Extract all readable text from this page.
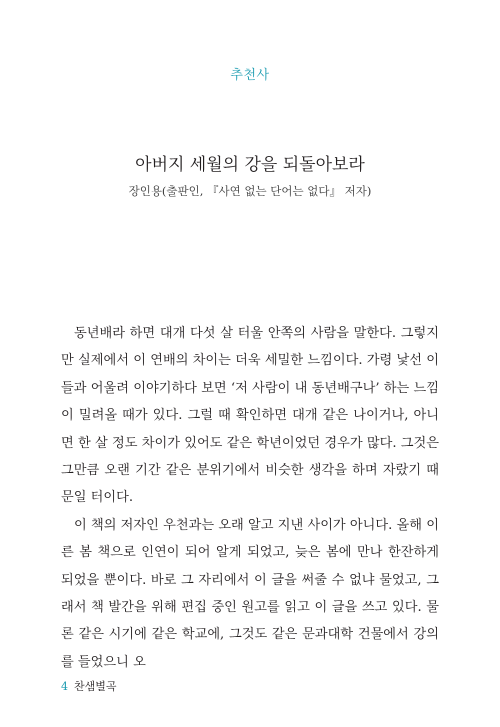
추천사
아버지 세월의 강을 되돌아보라
장인용(출판인, 『사연 없는 단어는 없다』 저자)

동년배라 하면 대개 다섯 살 터울 안쪽의 사람을 말한다. 그렇지만 실제에서 이 연배의 차이는 더욱 세밀한 느낌이다. 가령 낯선 이들과 어울려 이야기하다 보면 ‘저 사람이 내 동년배구나’ 하는 느낌이 밀려올 때가 있다. 그럴 때 확인하면 대개 같은 나이거나, 아니면 한 살 정도 차이가 있어도 같은 학년이었던 경우가 많다. 그것은 그만큼 오랜 기간 같은 분위기에서 비슷한 생각을 하며 자랐기 때문일 터이다.

이 책의 저자인 우천과는 오래 알고 지낸 사이가 아니다. 올해 이른 봄 책으로 인연이 되어 알게 되었고, 늦은 봄에 만나 한잔하게 되었을 뿐이다. 바로 그 자리에서 이 글을 써줄 수 없냐 물었고, 그래서 책 발간을 위해 편집 중인 원고를 읽고 이 글을 쓰고 있다. 물론 같은 시기에 같은 학교에, 그것도 같은 문과대학 건물에서 강의를 들었으니 오

4 찬샘별곡
